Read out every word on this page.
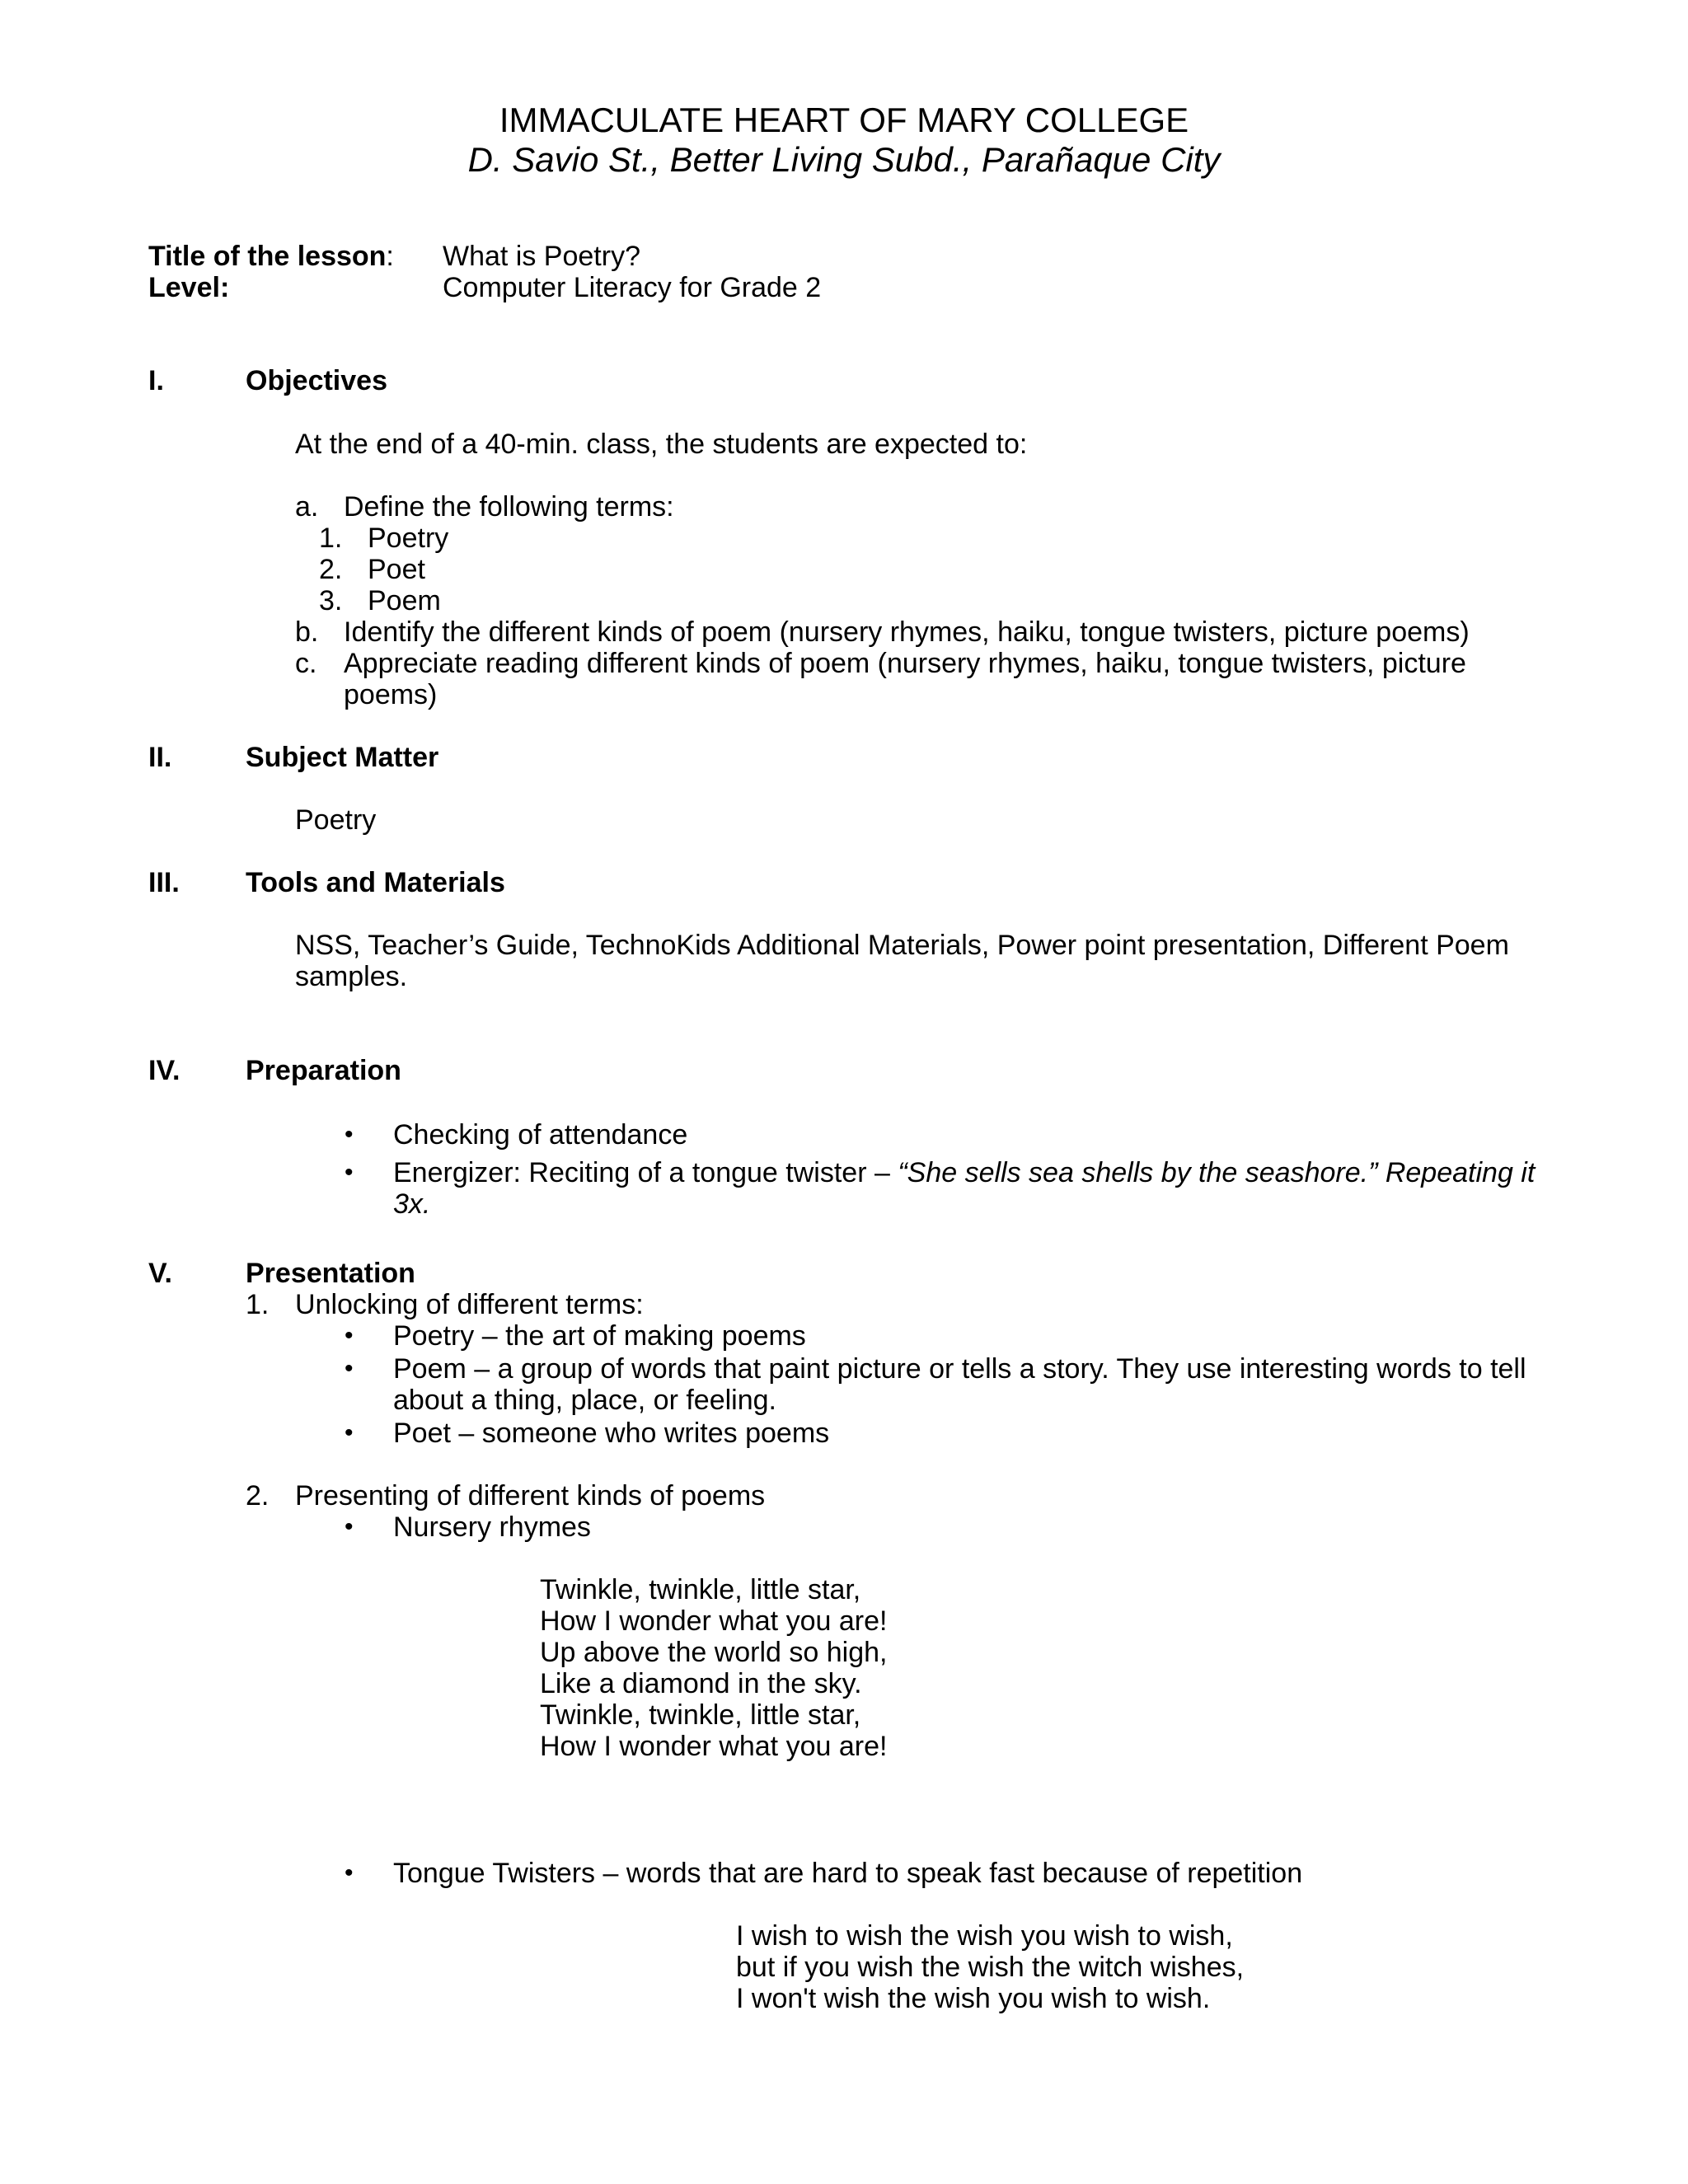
IMMACULATE HEART OF MARY COLLEGE
D. Savio St., Better Living Subd., Parañaque City
Title of the lesson: What is Poetry?
Level:	Computer Literacy for Grade 2
I.	Objectives
At the end of a 40-min. class, the students are expected to:
a. Define the following terms:
1. Poetry
2. Poet
3. Poem
b. Identify the different kinds of poem (nursery rhymes, haiku, tongue twisters, picture poems)
c. Appreciate reading different kinds of poem (nursery rhymes, haiku, tongue twisters, picture
poems)
II.	Subject Matter
Poetry
III. Tools and Materials
NSS, Teacher’s Guide, TechnoKids Additional Materials, Power point presentation, Different Poem
samples.
IV. Preparation
• Checking of attendance
• Energizer: Reciting of a tongue twister – “She sells sea shells by the seashore.” Repeating it
3x.
V.	Presentation
1. Unlocking of different terms:
• Poetry – the art of making poems
• Poem – a group of words that paint picture or tells a story. They use interesting words to tell
about a thing, place, or feeling.
• Poet – someone who writes poems
2. Presenting of different kinds of poems
• Nursery rhymes
Twinkle, twinkle, little star,
How I wonder what you are!
Up above the world so high,
Like a diamond in the sky.
Twinkle, twinkle, little star,
How I wonder what you are!
• Tongue Twisters – words that are hard to speak fast because of repetition
I wish to wish the wish you wish to wish,
but if you wish the wish the witch wishes,
I won't wish the wish you wish to wish.
